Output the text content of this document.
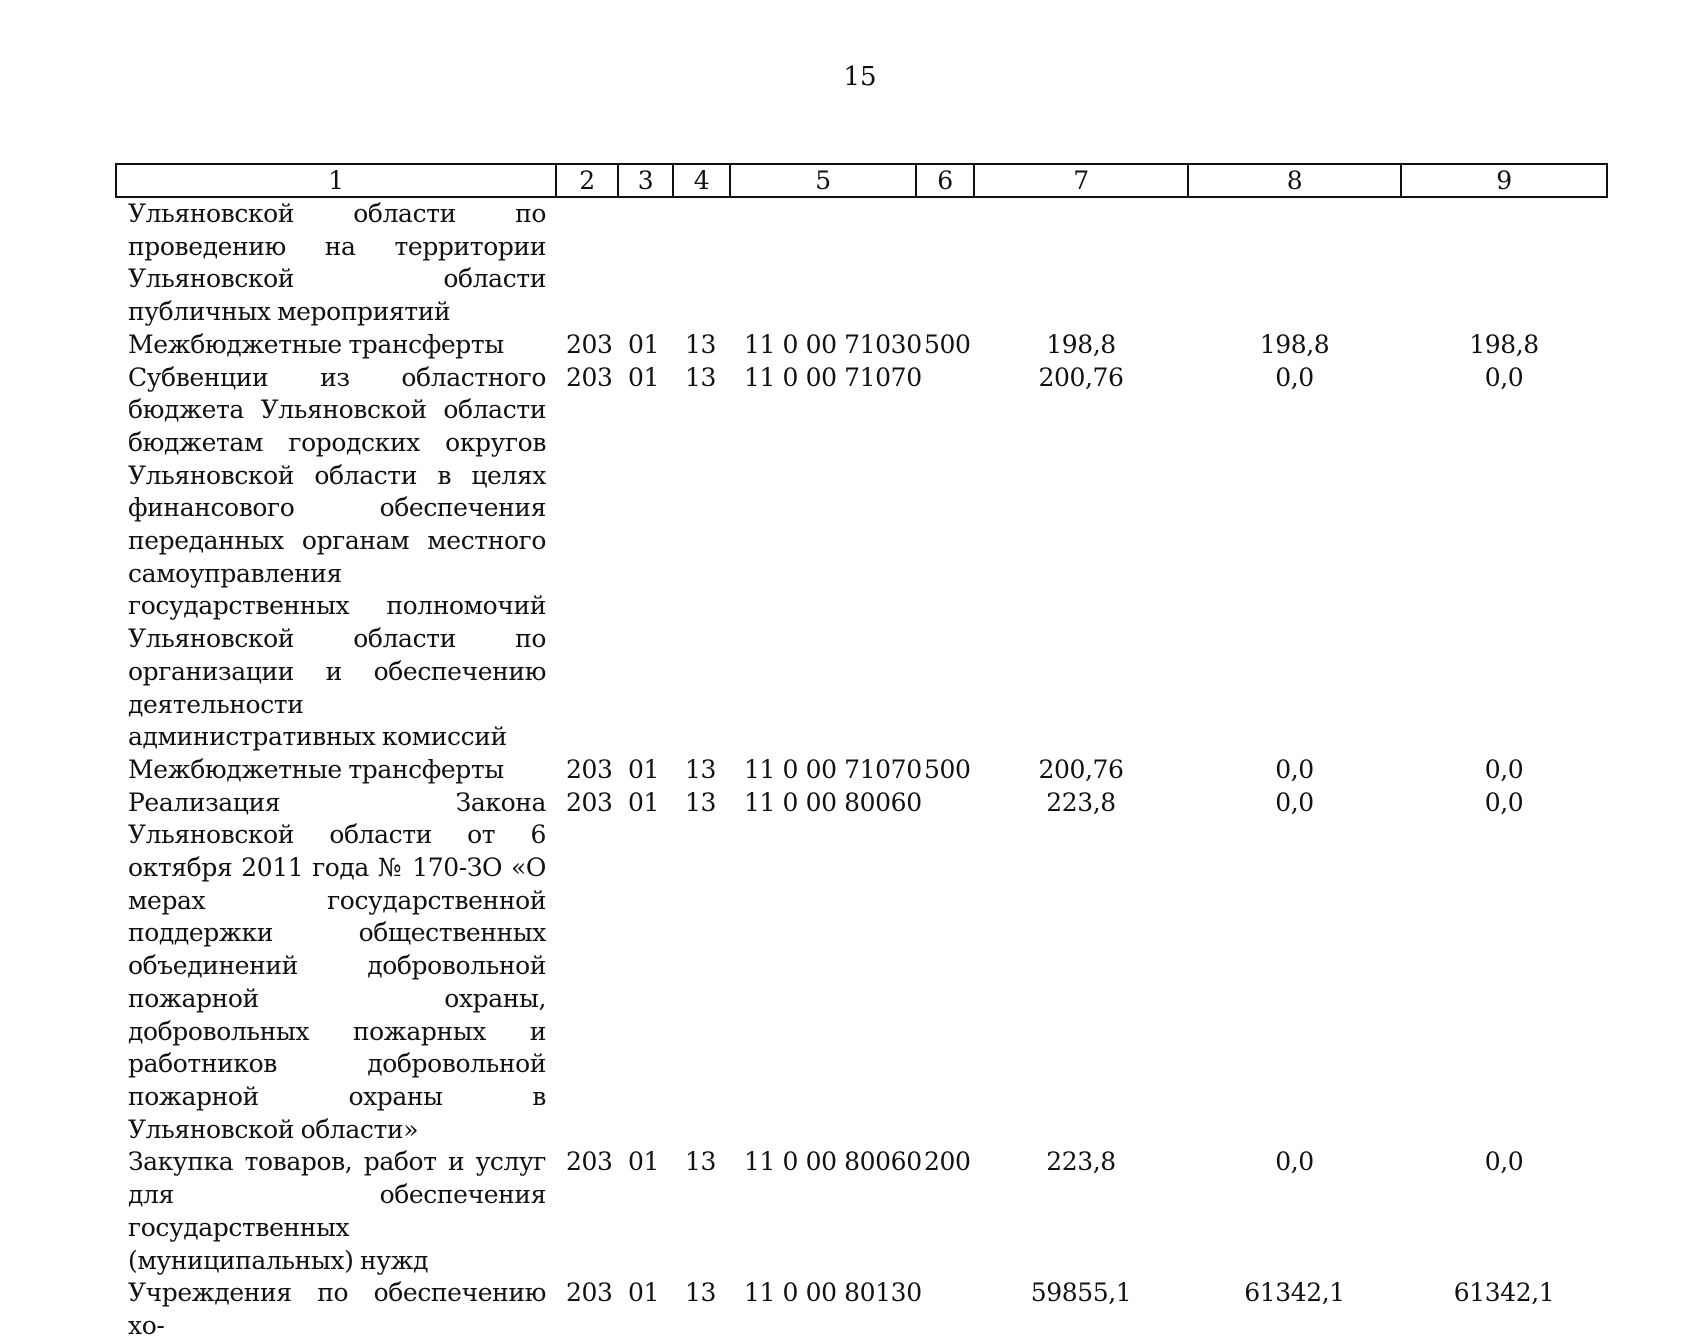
15
1	2	3	4	5	6	7	8	9
Ульяновской области по проведению на территории Ульяновской области публичных мероприятий								
Межбюджетные трансферты	203	01	13	11 0 00 71030	500	198,8	198,8	198,8
Субвенции из областного бюджета Ульяновской области бюджетам городских округов Ульяновской области в целях финансового обеспечения переданных органам местного самоуправления государственных полномочий Ульяновской области по организации и обеспечению деятельности административных комиссий	203	01	13	11 0 00 71070		200,76	0,0	0,0
Межбюджетные трансферты	203	01	13	11 0 00 71070	500	200,76	0,0	0,0
Реализация Закона Ульяновской области от 6 октября 2011 года № 170-ЗО «О мерах государственной поддержки общественных объединений добровольной пожарной охраны, добровольных пожарных и работников добровольной пожарной охраны в Ульяновской области»	203	01	13	11 0 00 80060		223,8	0,0	0,0
Закупка товаров, работ и услуг для обеспечения государственных (муниципальных) нужд	203	01	13	11 0 00 80060	200	223,8	0,0	0,0
Учреждения по обеспечению хо-	203	01	13	11 0 00 80130		59855,1	61342,1	61342,1
